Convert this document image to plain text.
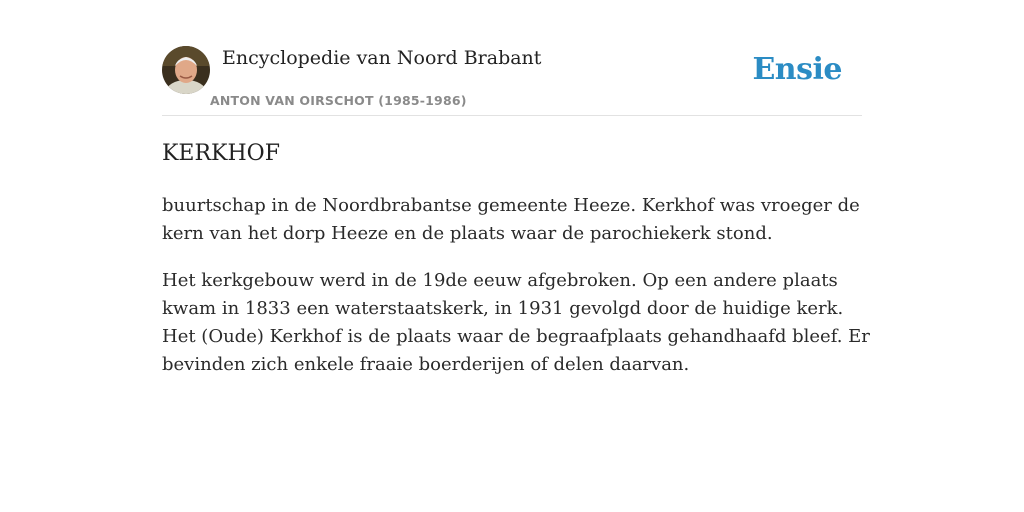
Encyclopedie van Noord Brabant
ANTON VAN OIRSCHOT (1985-1986)
Ensie
KERKHOF

buurtschap in de Noordbrabantse gemeente Heeze. Kerkhof was vroeger de kern van het dorp Heeze en de plaats waar de parochiekerk stond.

Het kerkgebouw werd in de 19de eeuw afgebroken. Op een andere plaats kwam in 1833 een waterstaatskerk, in 1931 gevolgd door de huidige kerk. Het (Oude) Kerkhof is de plaats waar de begraafplaats gehandhaafd bleef. Er bevinden zich enkele fraaie boerderijen of delen daarvan.
